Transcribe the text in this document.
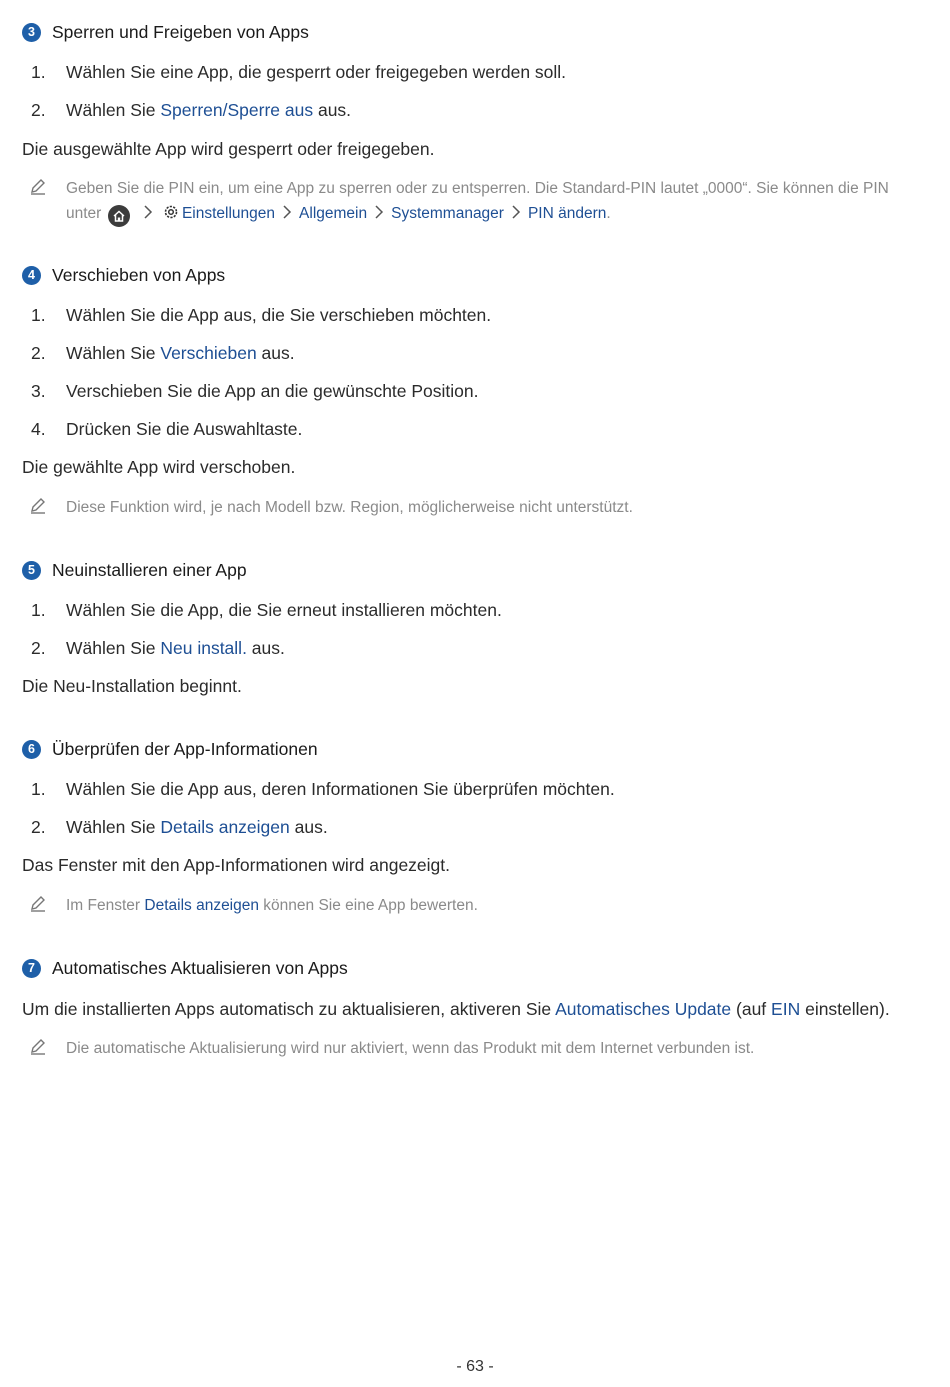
3 Sperren und Freigeben von Apps
1.	Wählen Sie eine App, die gesperrt oder freigegeben werden soll.
2.	Wählen Sie Sperren/Sperre aus aus.
Die ausgewählte App wird gesperrt oder freigegeben.
Geben Sie die PIN ein, um eine App zu sperren oder zu entsperren. Die Standard-PIN lautet „0000“. Sie können die PIN
unter	Einstellungen Allgemein Systemmanager PIN ändern.
4 Verschieben von Apps
1.	Wählen Sie die App aus, die Sie verschieben möchten.
2.	Wählen Sie Verschieben aus.
3.	Verschieben Sie die App an die gewünschte Position.
4.	Drücken Sie die Auswahltaste.
Die gewählte App wird verschoben.
Diese Funktion wird, je nach Modell bzw. Region, möglicherweise nicht unterstützt.
5 Neuinstallieren einer App
1.	Wählen Sie die App, die Sie erneut installieren möchten.
2.	Wählen Sie Neu install. aus.
Die Neu-Installation beginnt.
6 Überprüfen der App-Informationen
1.	Wählen Sie die App aus, deren Informationen Sie überprüfen möchten.
2.	Wählen Sie Details anzeigen aus.
Das Fenster mit den App-Informationen wird angezeigt.
Im Fenster Details anzeigen können Sie eine App bewerten.
7 Automatisches Aktualisieren von Apps
Um die installierten Apps automatisch zu aktualisieren, aktiveren Sie Automatisches Update (auf EIN einstellen).
Die automatische Aktualisierung wird nur aktiviert, wenn das Produkt mit dem Internet verbunden ist.
- 63 -
